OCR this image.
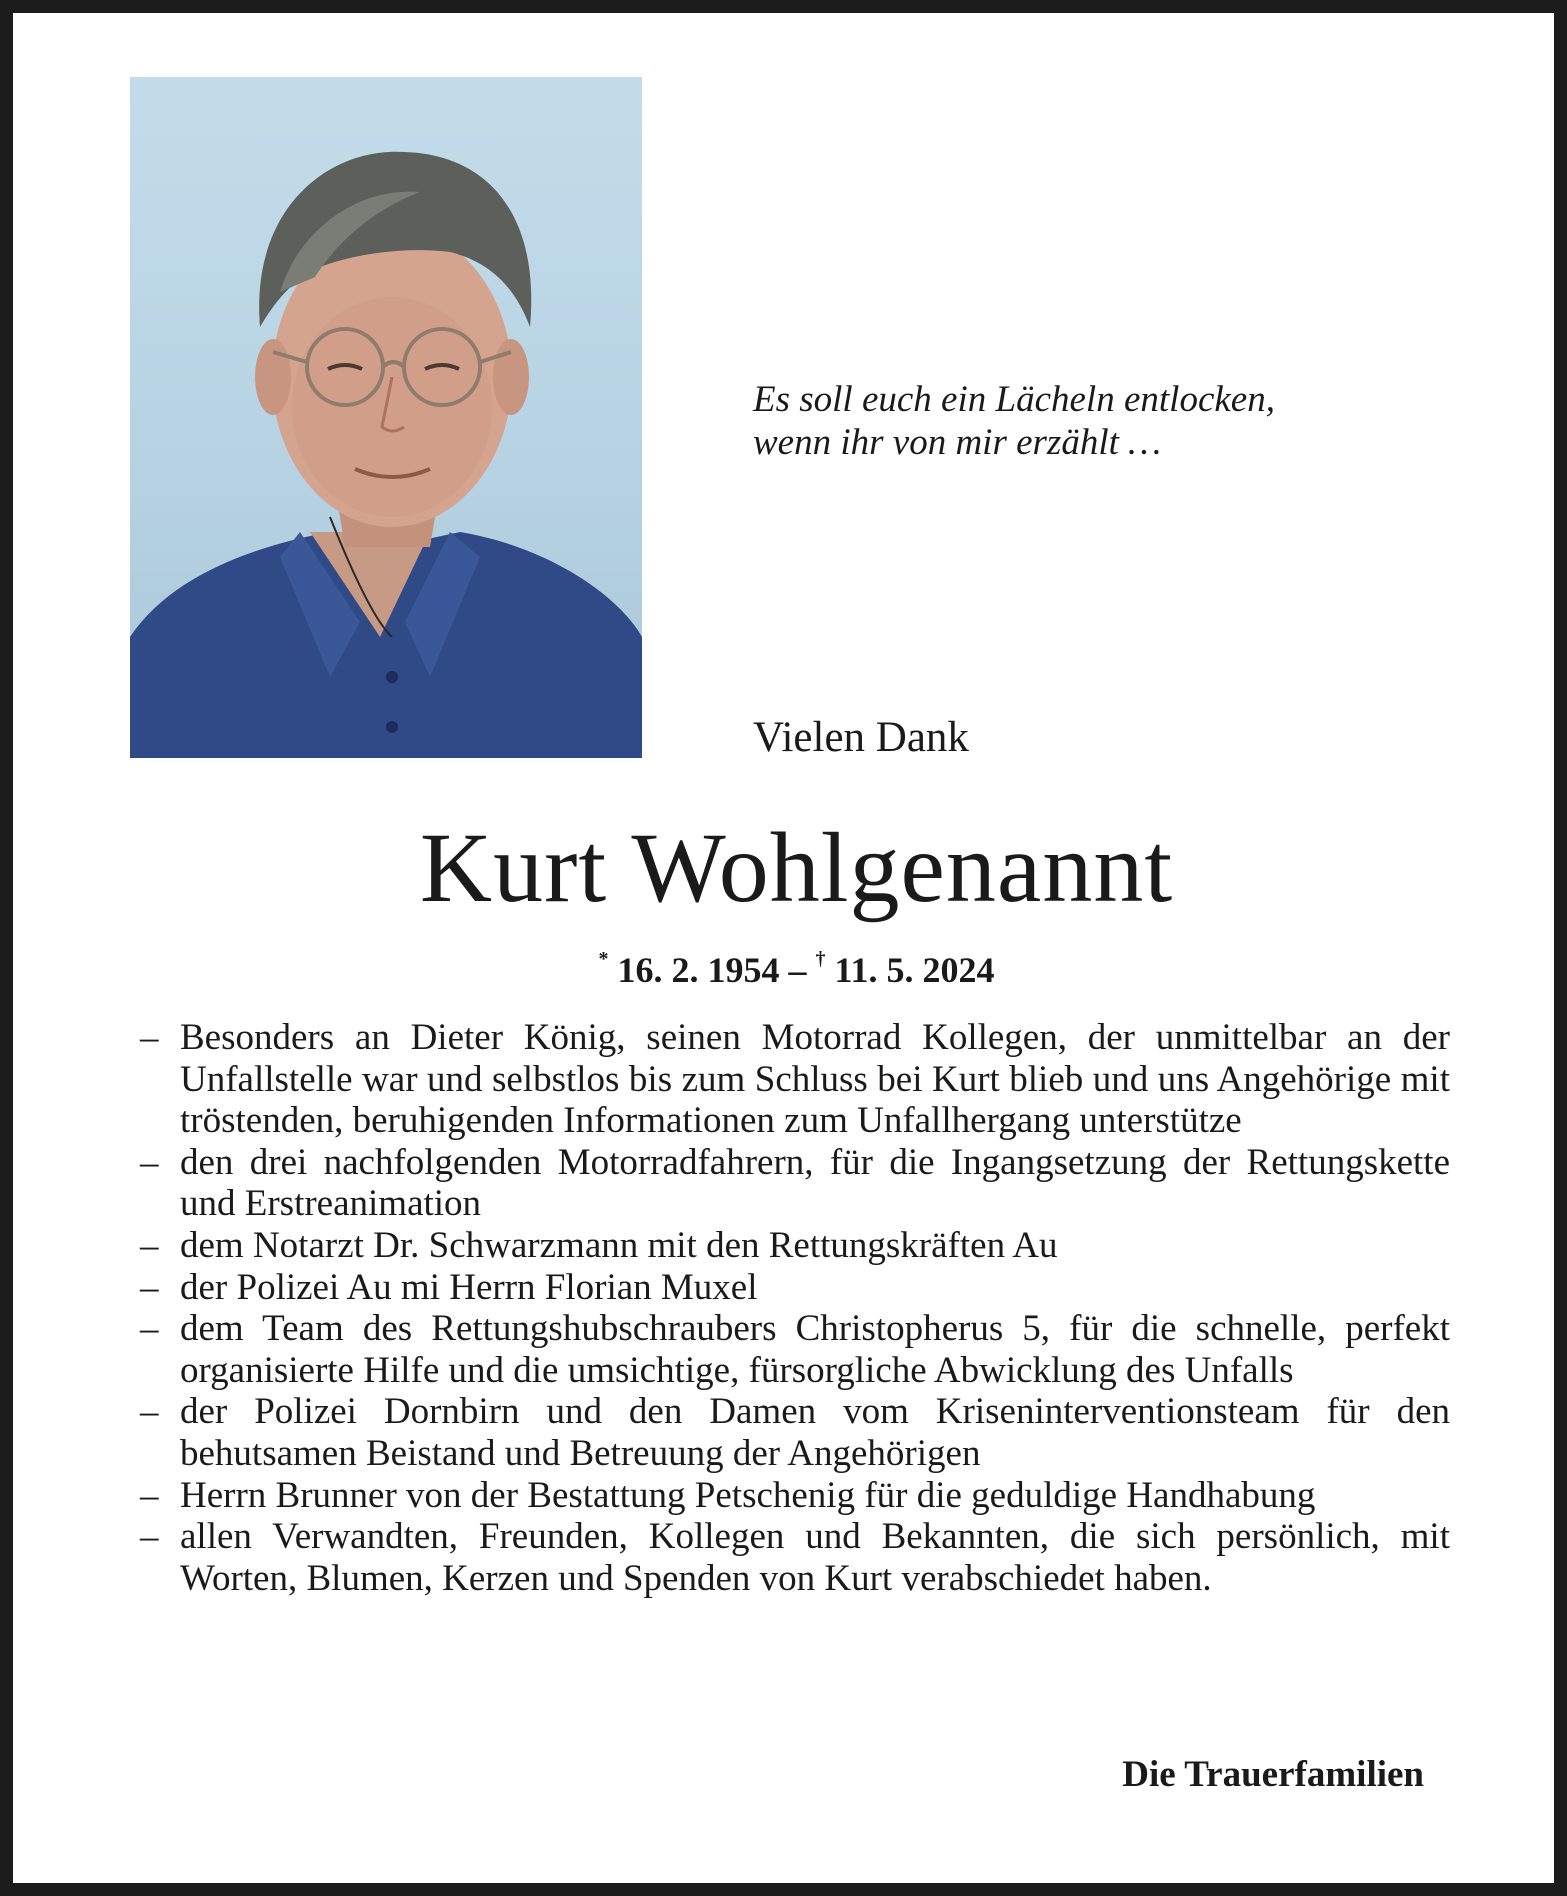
Es soll euch ein Lächeln entlocken,
wenn ihr von mir erzählt …
Vielen Dank
Kurt Wohlgenannt
* 16. 2. 1954 – † 11. 5. 2024
– Besonders an Dieter König, seinen Motorrad Kollegen, der unmittelbar an der Unfallstelle war und selbstlos bis zum Schluss bei Kurt blieb und uns Angehörige mit tröstenden, beruhigenden Informationen zum Unfallhergang unterstütze
– den drei nachfolgenden Motorradfahrern, für die Ingangsetzung der Rettungskette und Erstreanimation
– dem Notarzt Dr. Schwarzmann mit den Rettungskräften Au
– der Polizei Au mi Herrn Florian Muxel
– dem Team des Rettungshubschraubers Christopherus 5, für die schnelle, perfekt organisierte Hilfe und die umsichtige, fürsorgliche Abwicklung des Unfalls
– der Polizei Dornbirn und den Damen vom Kriseninterventionsteam für den behutsamen Beistand und Betreuung der Angehörigen
– Herrn Brunner von der Bestattung Petschenig für die geduldige Handhabung
– allen Verwandten, Freunden, Kollegen und Bekannten, die sich persönlich, mit Worten, Blumen, Kerzen und Spenden von Kurt verabschiedet haben.
Die Trauerfamilien
